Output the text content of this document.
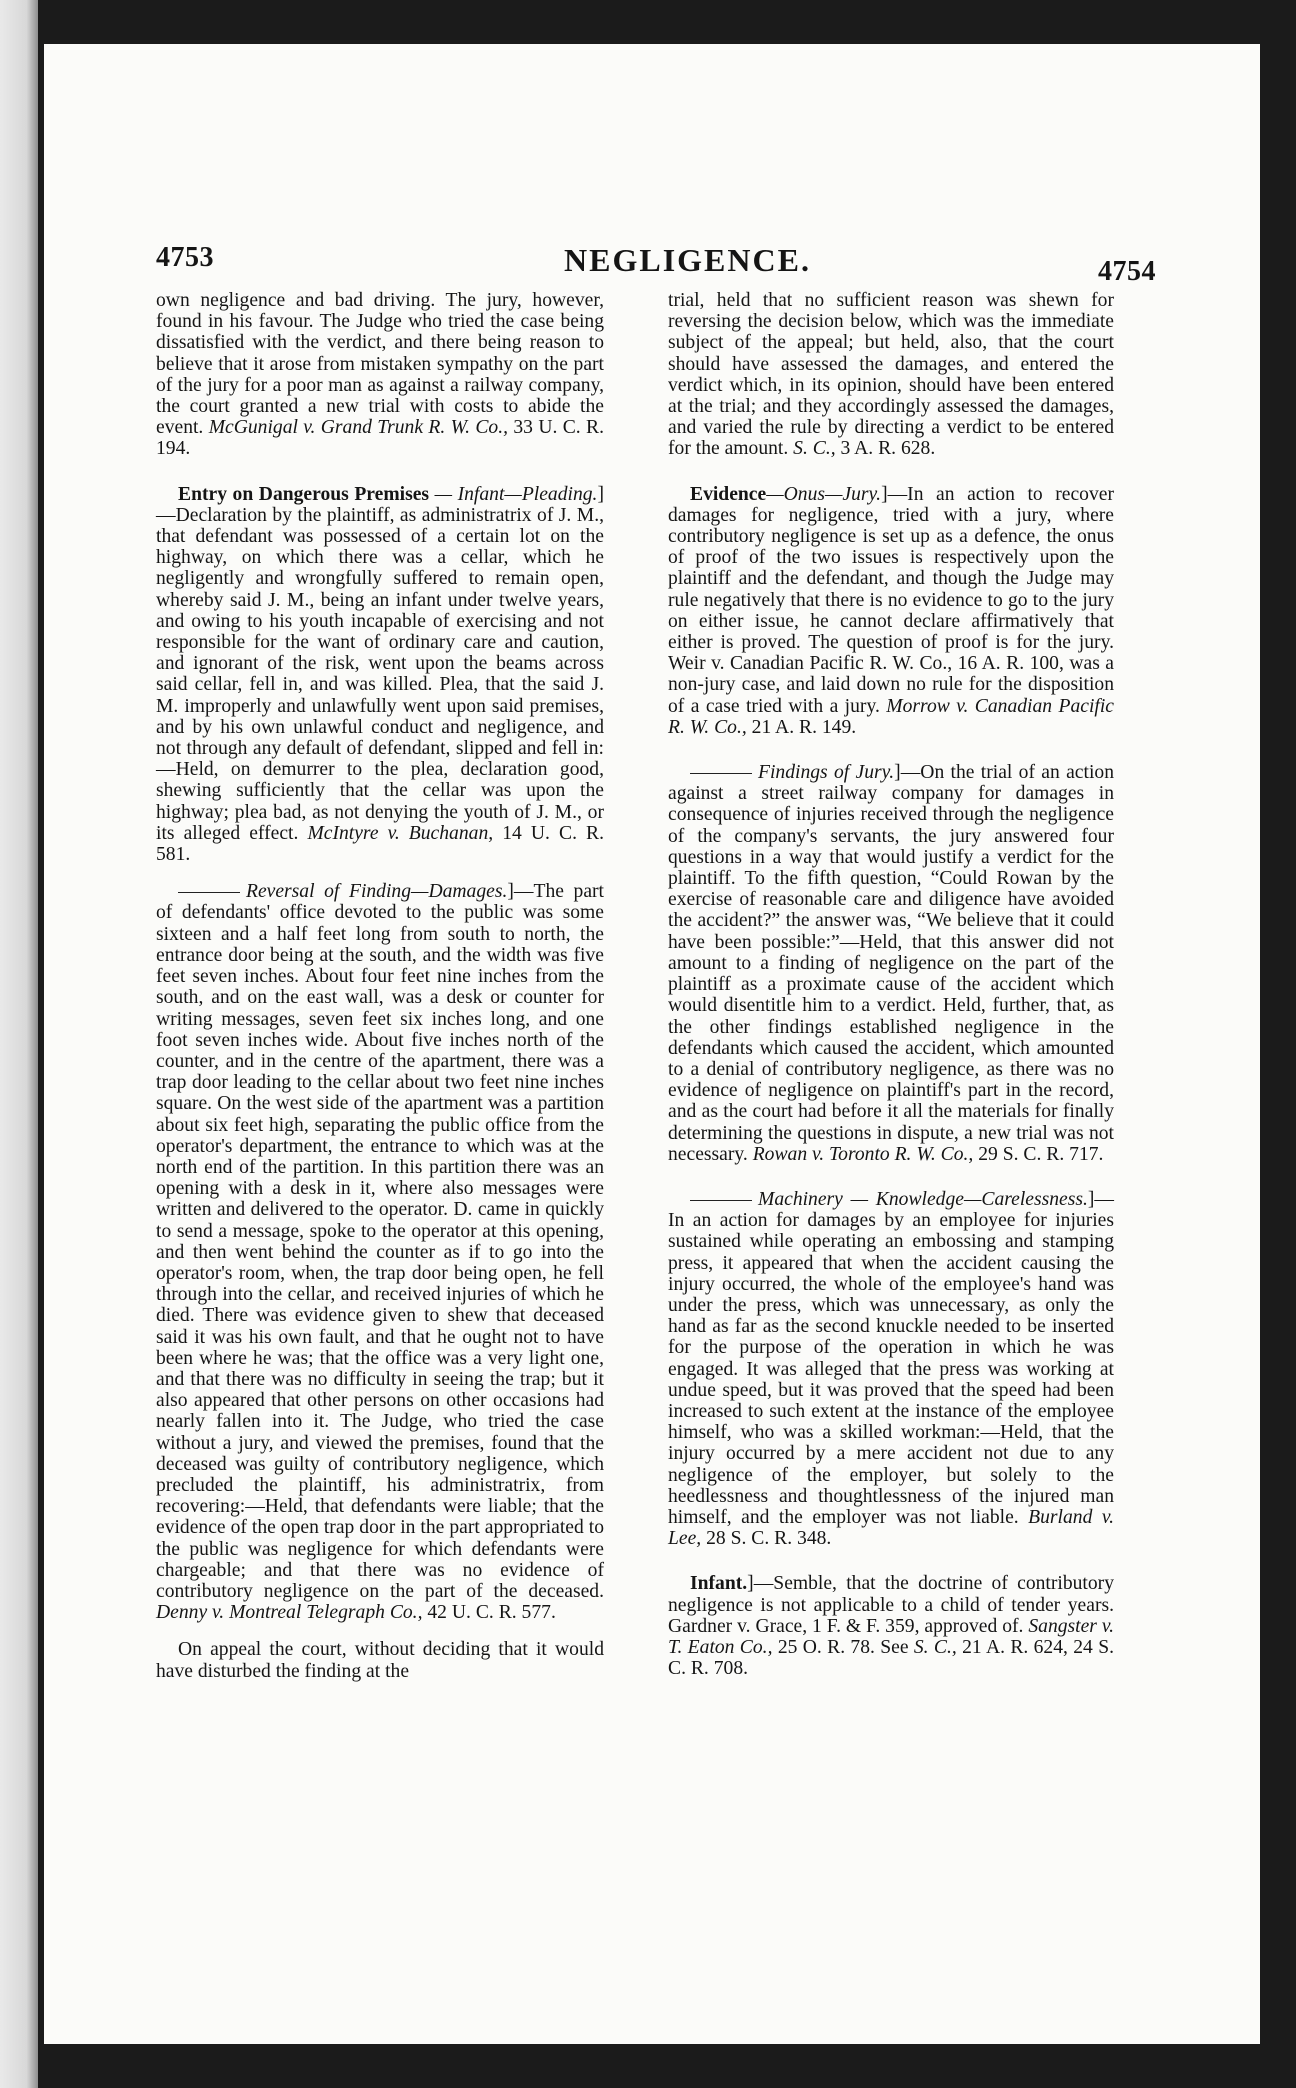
4753	NEGLIGENCE.	4754

own negligence and bad driving. The jury, however, found in his favour. The Judge who tried the case being dissatisfied with the verdict, and there being reason to believe that it arose from mistaken sympathy on the part of the jury for a poor man as against a railway company, the court granted a new trial with costs to abide the event. McGunigal v. Grand Trunk R. W. Co., 33 U. C. R. 194.

Entry on Dangerous Premises — Infant—Pleading.]—Declaration by the plaintiff, as administratrix of J. M., that defendant was possessed of a certain lot on the highway, on which there was a cellar, which he negligently and wrongfully suffered to remain open, whereby said J. M., being an infant under twelve years, and owing to his youth incapable of exercising and not responsible for the want of ordinary care and caution, and ignorant of the risk, went upon the beams across said cellar, fell in, and was killed. Plea, that the said J. M. improperly and unlawfully went upon said premises, and by his own unlawful conduct and negligence, and not through any default of defendant, slipped and fell in:—Held, on demurrer to the plea, declaration good, shewing sufficiently that the cellar was upon the highway; plea bad, as not denying the youth of J. M., or its alleged effect. McIntyre v. Buchanan, 14 U. C. R. 581.

Reversal of Finding—Damages.]—The part of defendants' office devoted to the public was some sixteen and a half feet long from south to north, the entrance door being at the south, and the width was five feet seven inches. About four feet nine inches from the south, and on the east wall, was a desk or counter for writing messages, seven feet six inches long, and one foot seven inches wide. About five inches north of the counter, and in the centre of the apartment, there was a trap door leading to the cellar about two feet nine inches square. On the west side of the apartment was a partition about six feet high, separating the public office from the operator's department, the entrance to which was at the north end of the partition. In this partition there was an opening with a desk in it, where also messages were written and delivered to the operator. D. came in quickly to send a message, spoke to the operator at this opening, and then went behind the counter as if to go into the operator's room, when, the trap door being open, he fell through into the cellar, and received injuries of which he died. There was evidence given to shew that deceased said it was his own fault, and that he ought not to have been where he was; that the office was a very light one, and that there was no difficulty in seeing the trap; but it also appeared that other persons on other occasions had nearly fallen into it. The Judge, who tried the case without a jury, and viewed the premises, found that the deceased was guilty of contributory negligence, which precluded the plaintiff, his administratrix, from recovering:—Held, that defendants were liable; that the evidence of the open trap door in the part appropriated to the public was negligence for which defendants were chargeable; and that there was no evidence of contributory negligence on the part of the deceased. Denny v. Montreal Telegraph Co., 42 U. C. R. 577.

On appeal the court, without deciding that it would have disturbed the finding at the

trial, held that no sufficient reason was shewn for reversing the decision below, which was the immediate subject of the appeal; but held, also, that the court should have assessed the damages, and entered the verdict which, in its opinion, should have been entered at the trial; and they accordingly assessed the damages, and varied the rule by directing a verdict to be entered for the amount. S. C., 3 A. R. 628.

Evidence—Onus—Jury.]—In an action to recover damages for negligence, tried with a jury, where contributory negligence is set up as a defence, the onus of proof of the two issues is respectively upon the plaintiff and the defendant, and though the Judge may rule negatively that there is no evidence to go to the jury on either issue, he cannot declare affirmatively that either is proved. The question of proof is for the jury. Weir v. Canadian Pacific R. W. Co., 16 A. R. 100, was a non-jury case, and laid down no rule for the disposition of a case tried with a jury. Morrow v. Canadian Pacific R. W. Co., 21 A. R. 149.

Findings of Jury.]—On the trial of an action against a street railway company for damages in consequence of injuries received through the negligence of the company's servants, the jury answered four questions in a way that would justify a verdict for the plaintiff. To the fifth question, “Could Rowan by the exercise of reasonable care and diligence have avoided the accident?” the answer was, “We believe that it could have been possible:”—Held, that this answer did not amount to a finding of negligence on the part of the plaintiff as a proximate cause of the accident which would disentitle him to a verdict. Held, further, that, as the other findings established negligence in the defendants which caused the accident, which amounted to a denial of contributory negligence, as there was no evidence of negligence on plaintiff's part in the record, and as the court had before it all the materials for finally determining the questions in dispute, a new trial was not necessary. Rowan v. Toronto R. W. Co., 29 S. C. R. 717.

Machinery — Knowledge—Carelessness.]—In an action for damages by an employee for injuries sustained while operating an embossing and stamping press, it appeared that when the accident causing the injury occurred, the whole of the employee's hand was under the press, which was unnecessary, as only the hand as far as the second knuckle needed to be inserted for the purpose of the operation in which he was engaged. It was alleged that the press was working at undue speed, but it was proved that the speed had been increased to such extent at the instance of the employee himself, who was a skilled workman:—Held, that the injury occurred by a mere accident not due to any negligence of the employer, but solely to the heedlessness and thoughtlessness of the injured man himself, and the employer was not liable. Burland v. Lee, 28 S. C. R. 348.

Infant.]—Semble, that the doctrine of contributory negligence is not applicable to a child of tender years. Gardner v. Grace, 1 F. & F. 359, approved of. Sangster v. T. Eaton Co., 25 O. R. 78. See S. C., 21 A. R. 624, 24 S. C. R. 708.
